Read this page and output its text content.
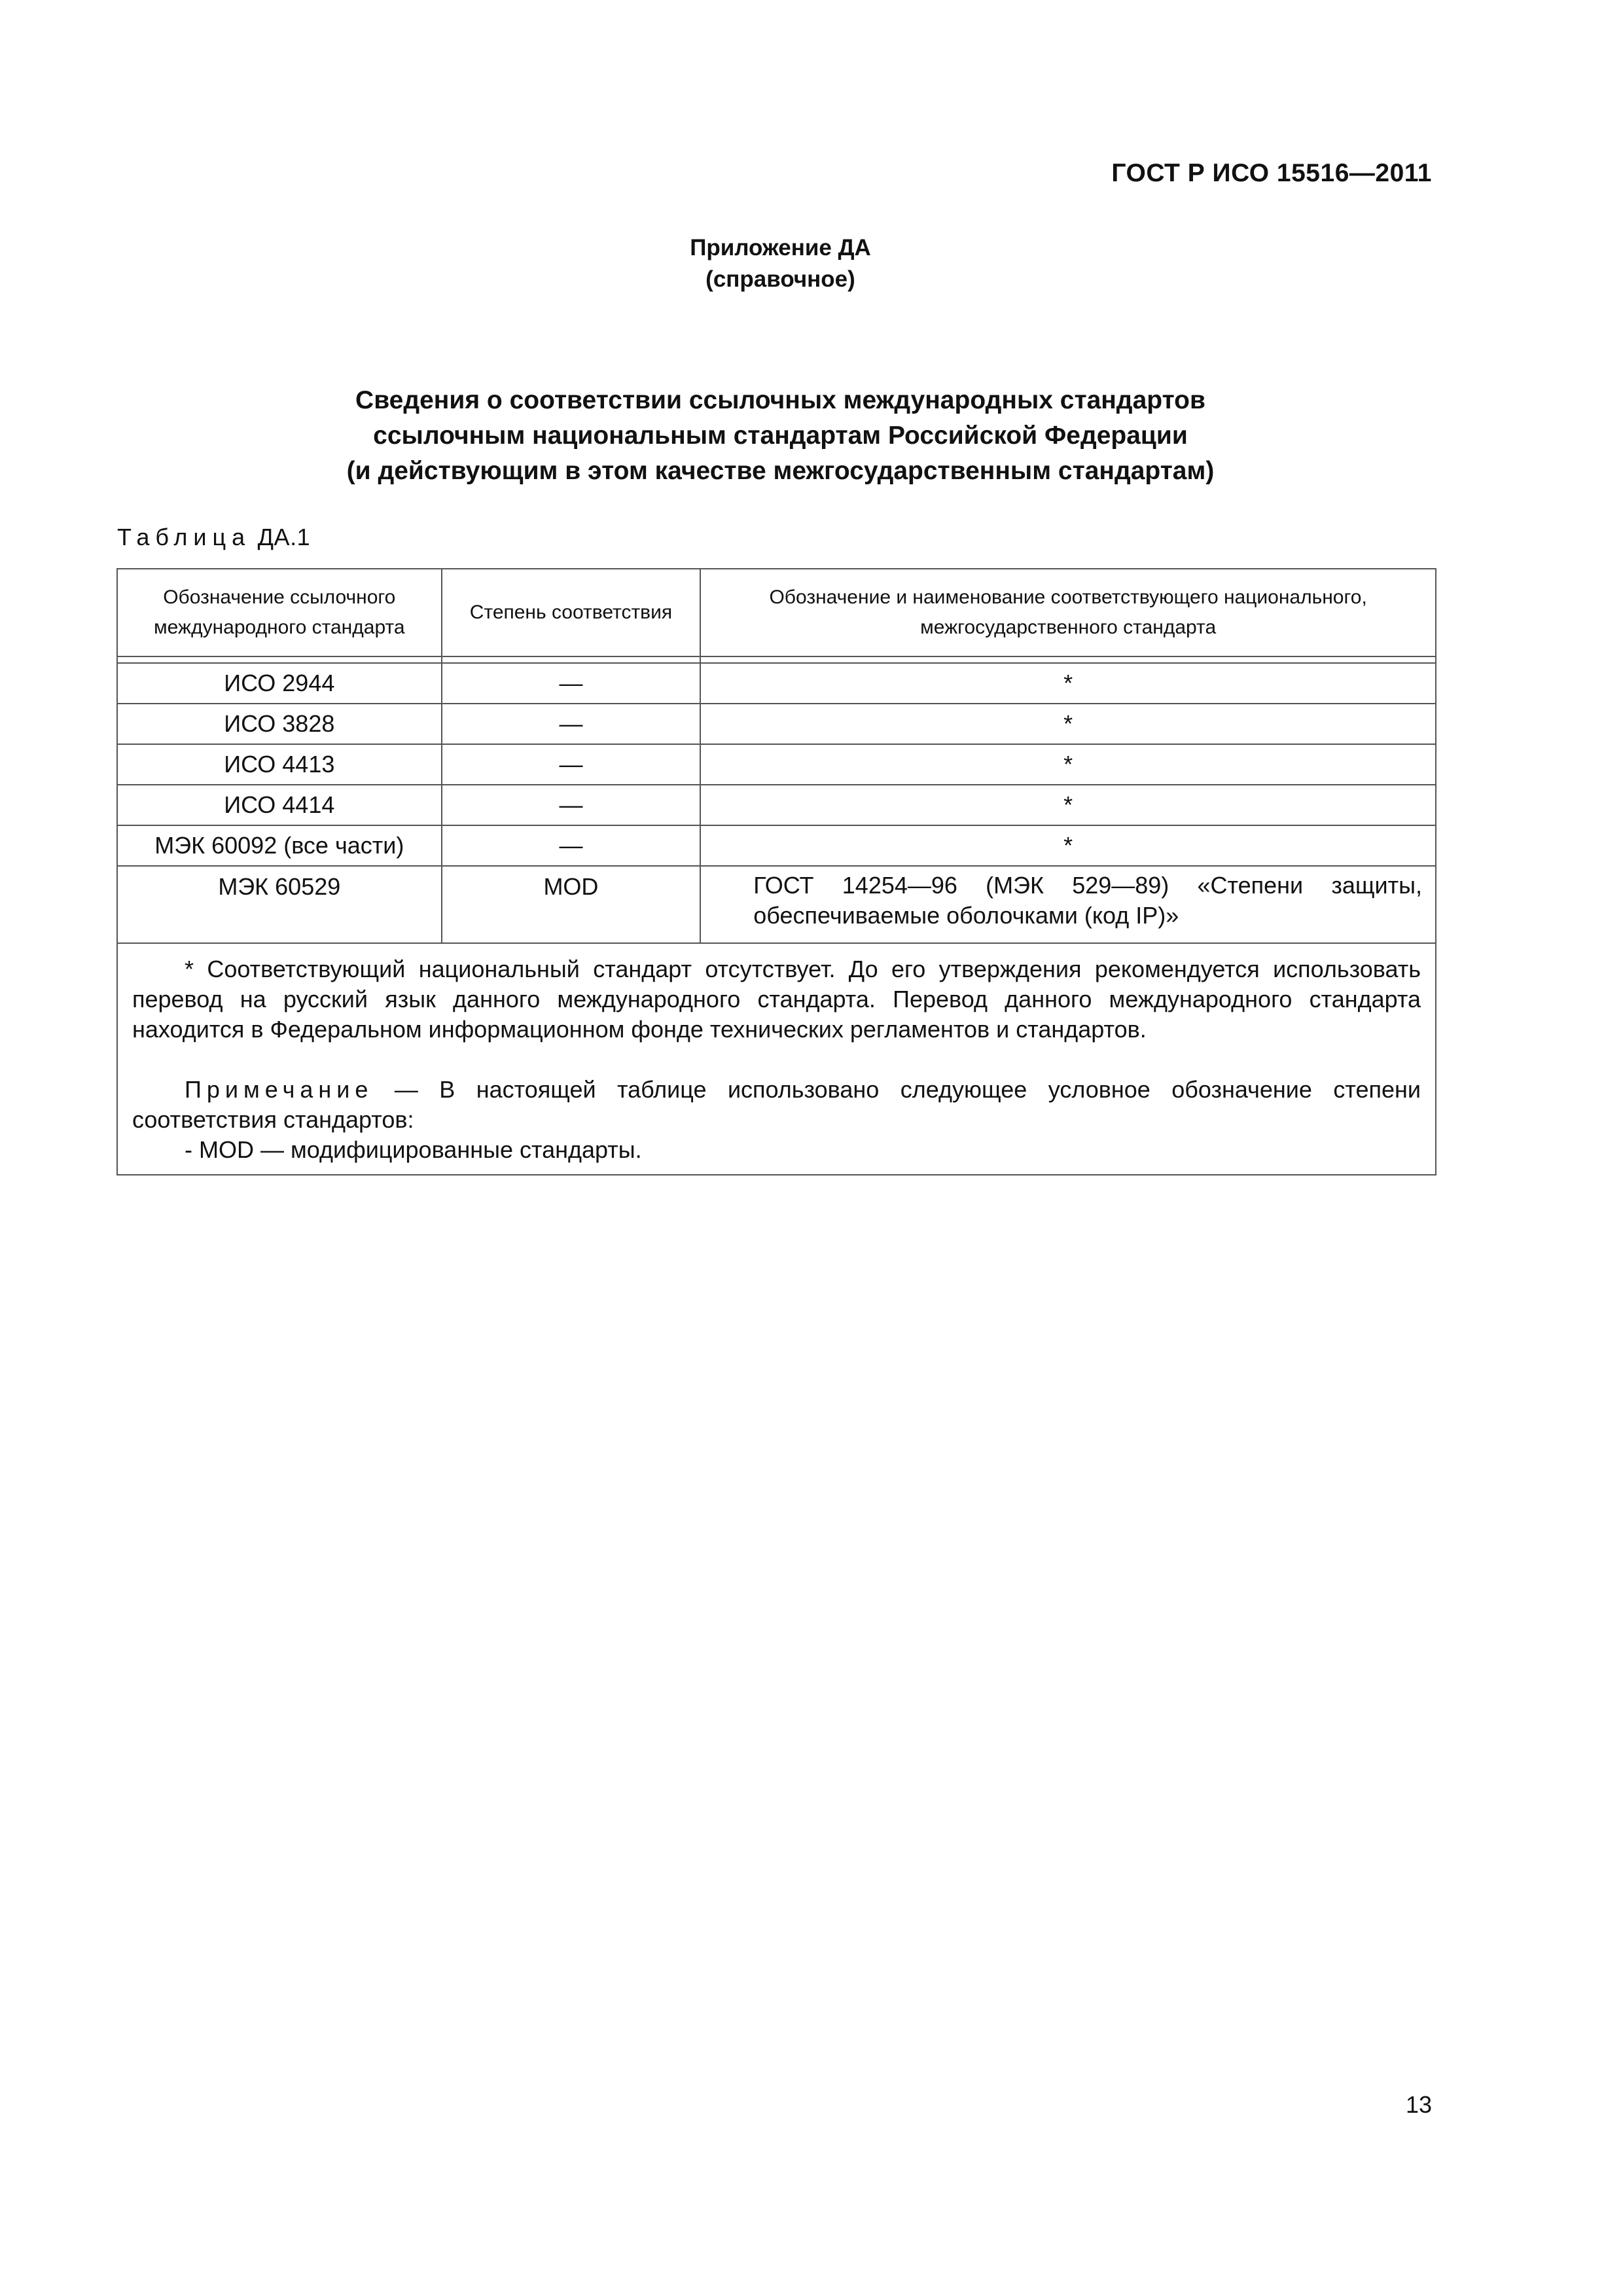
ГОСТ Р ИСО 15516—2011
Приложение ДА
(справочное)
Сведения о соответствии ссылочных международных стандартов
ссылочным национальным стандартам Российской Федерации
(и действующим в этом качестве межгосударственным стандартам)
Таблица ДА.1
Обозначение ссылочного международного стандарта	Степень соответствия	Обозначение и наименование соответствующего национального, межгосударственного стандарта

ИСО 2944	—	*
ИСО 3828	—	*
ИСО 4413	—	*
ИСО 4414	—	*
МЭК 60092 (все части)	—	*
МЭК 60529	MOD	ГОСТ 14254—96 (МЭК 529—89) «Степени защиты, обеспечиваемые оболочками (код IP)»

* Соответствующий национальный стандарт отсутствует. До его утверждения рекомендуется использовать перевод на русский язык данного международного стандарта. Перевод данного международного стандарта находится в Федеральном информационном фонде технических регламентов и стандартов.

Примечание — В настоящей таблице использовано следующее условное обозначение степени соответствия стандартов:

- MOD — модифицированные стандарты.		

13
